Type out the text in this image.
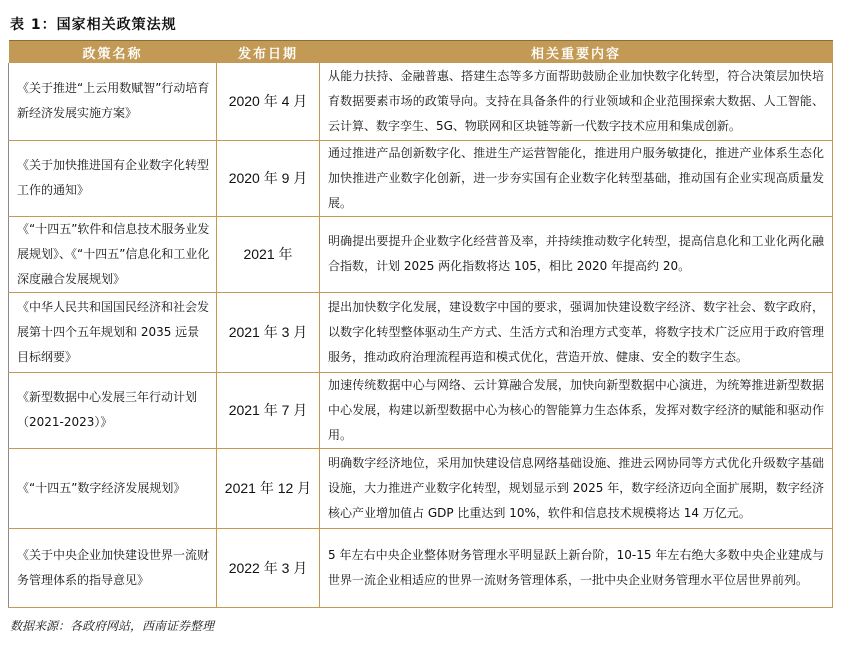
表 1：国家相关政策法规
政策名称	发布日期	相关重要内容
《关于推进“上云用数赋智”行动培育新经济发展实施方案》	2020 年 4 月	从能力扶持、金融普惠、搭建生态等多方面帮助鼓励企业加快数字化转型，符合决策层加快培育数据要素市场的政策导向。支持在具备条件的行业领域和企业范围探索大数据、人工智能、云计算、数字孪生、5G、物联网和区块链等新一代数字技术应用和集成创新。
《关于加快推进国有企业数字化转型工作的通知》	2020 年 9 月	通过推进产品创新数字化、推进生产运营智能化，推进用户服务敏捷化，推进产业体系生态化加快推进产业数字化创新，进一步夯实国有企业数字化转型基础，推动国有企业实现高质量发展。
《“十四五”软件和信息技术服务业发展规划》、《“十四五”信息化和工业化深度融合发展规划》	2021 年	明确提出要提升企业数字化经营普及率，并持续推动数字化转型，提高信息化和工业化两化融合指数，计划 2025 两化指数将达 105，相比 2020 年提高约 20。
《中华人民共和国国民经济和社会发展第十四个五年规划和 2035 远景目标纲要》	2021 年 3 月	提出加快数字化发展，建设数字中国的要求，强调加快建设数字经济、数字社会、数字政府，以数字化转型整体驱动生产方式、生活方式和治理方式变革，将数字技术广泛应用于政府管理服务，推动政府治理流程再造和模式优化，营造开放、健康、安全的数字生态。
《新型数据中心发展三年行动计划（2021-2023）》	2021 年 7 月	加速传统数据中心与网络、云计算融合发展，加快向新型数据中心演进，为统筹推进新型数据中心发展，构建以新型数据中心为核心的智能算力生态体系，发挥对数字经济的赋能和驱动作用。
《“十四五”数字经济发展规划》	2021 年 12 月	明确数字经济地位，采用加快建设信息网络基础设施、推进云网协同等方式优化升级数字基础设施，大力推进产业数字化转型，规划显示到 2025 年，数字经济迈向全面扩展期，数字经济核心产业增加值占 GDP 比重达到 10%，软件和信息技术规模将达 14 万亿元。
《关于中央企业加快建设世界一流财务管理体系的指导意见》	2022 年 3 月	5 年左右中央企业整体财务管理水平明显跃上新台阶，10-15 年左右绝大多数中央企业建成与世界一流企业相适应的世界一流财务管理体系，一批中央企业财务管理水平位居世界前列。
数据来源：各政府网站，西南证券整理
